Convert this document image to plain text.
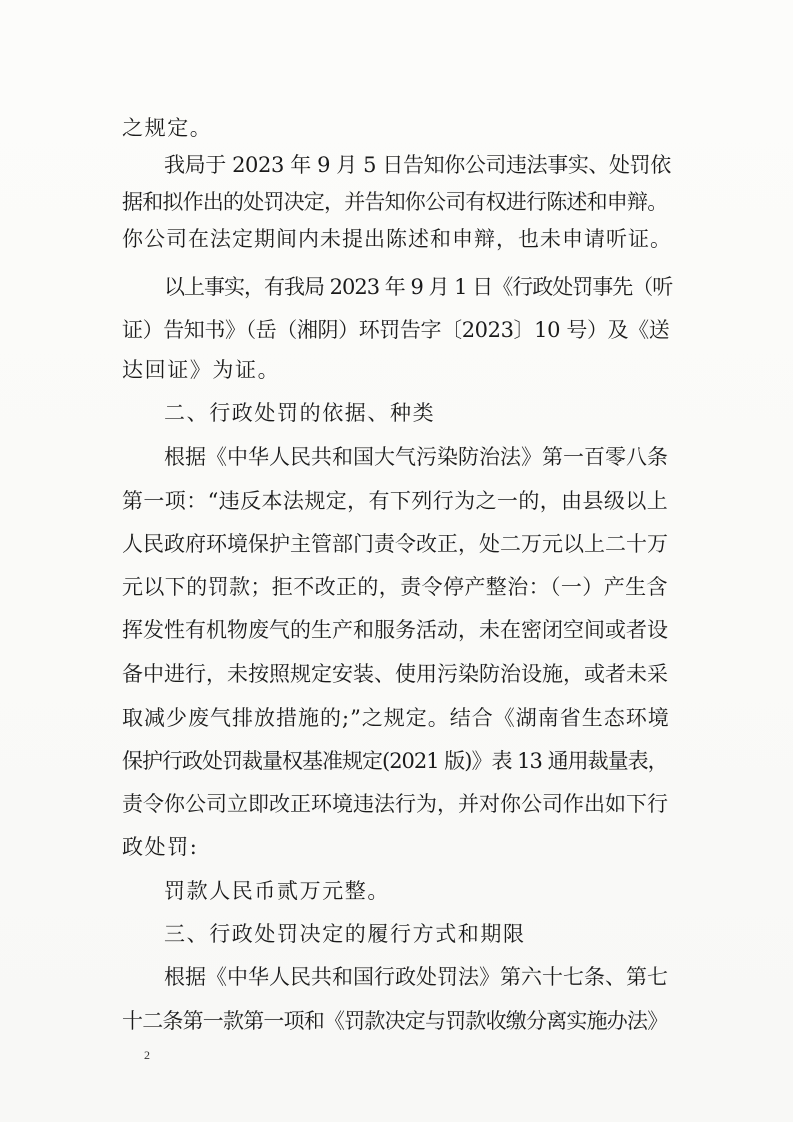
之规定。
我局于 2023 年 9 月 5 日告知你公司违法事实、处罚依
据和拟作出的处罚决定，并告知你公司有权进行陈述和申辩。
你公司在法定期间内未提出陈述和申辩，也未申请听证。
以上事实，有我局 2023 年 9 月 1 日《行政处罚事先（听
证）告知书》（岳（湘阴）环罚告字〔2023〕10 号）及《送
达回证》为证。
二、行政处罚的依据、种类
根据《中华人民共和国大气污染防治法》第一百零八条
第一项：“违反本法规定，有下列行为之一的，由县级以上
人民政府环境保护主管部门责令改正，处二万元以上二十万
元以下的罚款；拒不改正的，责令停产整治：（一）产生含
挥发性有机物废气的生产和服务活动，未在密闭空间或者设
备中进行，未按照规定安装、使用污染防治设施，或者未采
取减少废气排放措施的;”之规定。结合《湖南省生态环境
保护行政处罚裁量权基准规定(2021 版)》表 13 通用裁量表，
责令你公司立即改正环境违法行为，并对你公司作出如下行
政处罚:
罚款人民币贰万元整。
三、行政处罚决定的履行方式和期限
根据《中华人民共和国行政处罚法》第六十七条、第七
十二条第一款第一项和《罚款决定与罚款收缴分离实施办法》
2
